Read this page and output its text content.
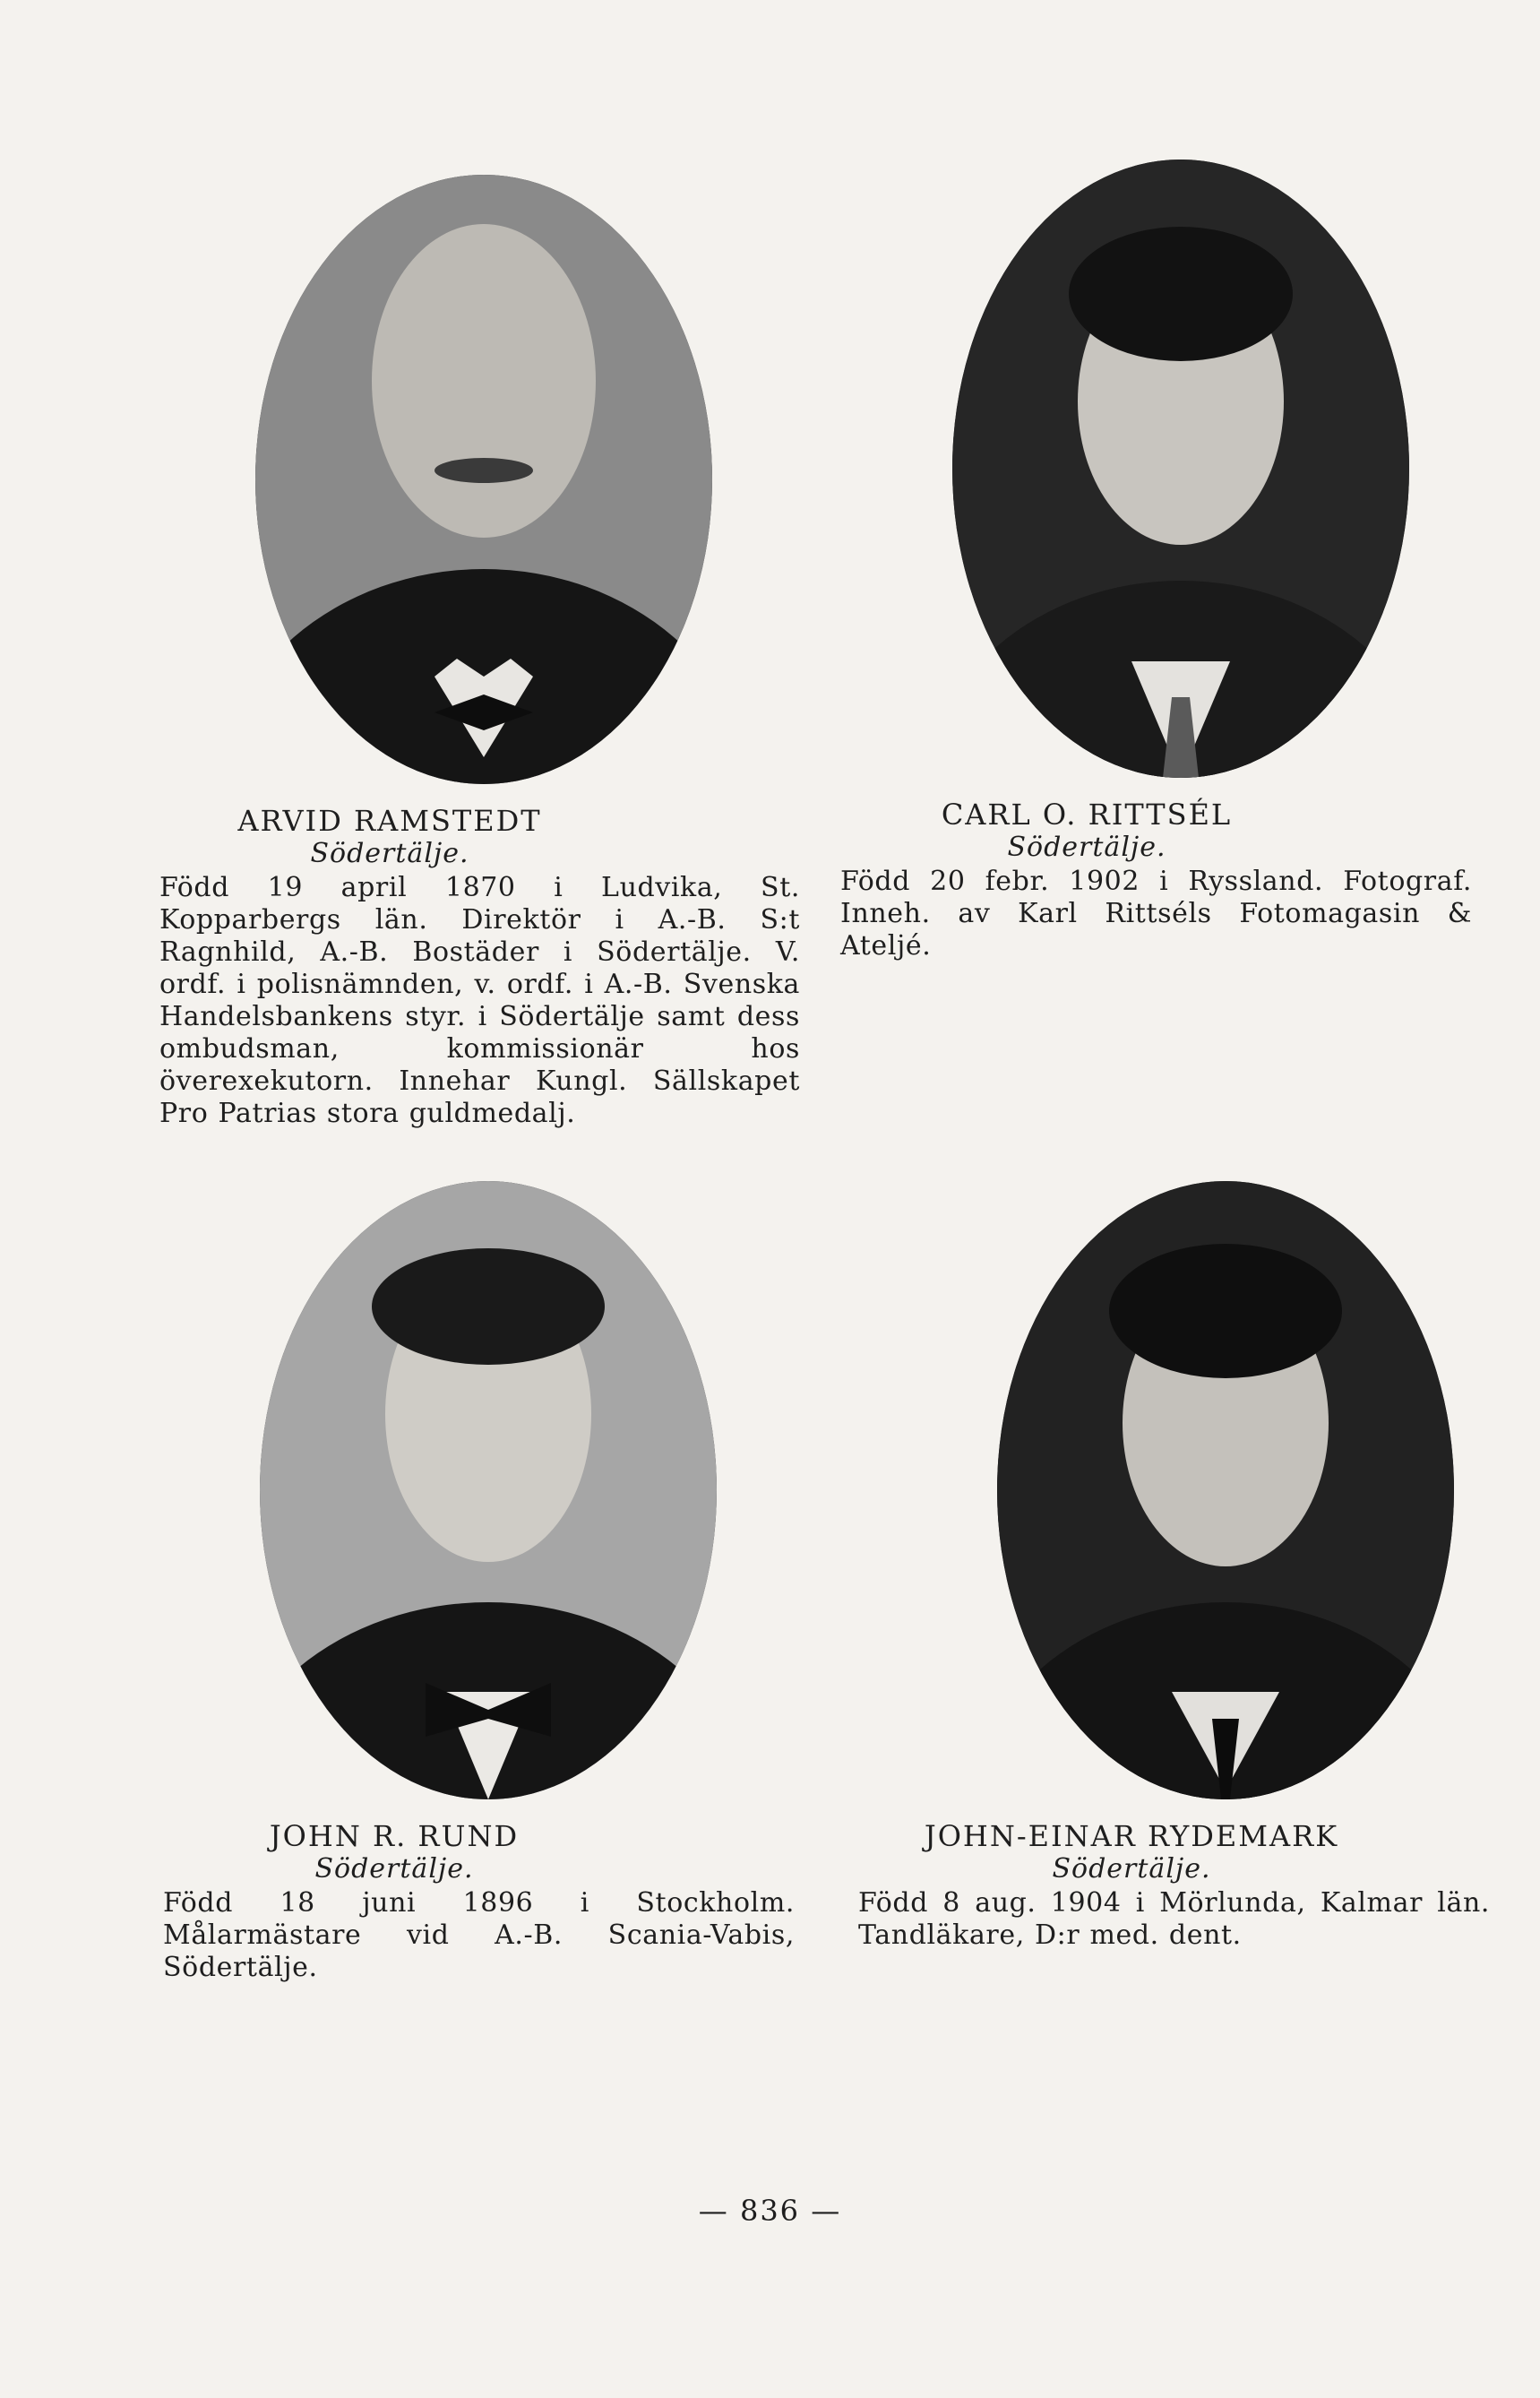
ARVID RAMSTEDT
Södertälje.
Född 19 april 1870 i Ludvika, St. Kopparbergs län. Direktör i A.-B. S:t Ragnhild, A.-B. Bostäder i Södertälje. V. ordf. i polisnämnden, v. ordf. i A.-B. Svenska Handelsbankens styr. i Södertälje samt dess ombudsman, kommissionär hos överexekutorn. Innehar Kungl. Sällskapet Pro Patrias stora guldmedalj.
CARL O. RITTSÉL
Södertälje.
Född 20 febr. 1902 i Ryssland. Fotograf. Inneh. av Karl Rittséls Fotomagasin & Ateljé.
JOHN R. RUND
Södertälje.
Född 18 juni 1896 i Stockholm. Målarmästare vid A.-B. Scania-Vabis, Södertälje.
JOHN-EINAR RYDEMARK
Södertälje.
Född 8 aug. 1904 i Mörlunda, Kalmar län. Tandläkare, D:r med. dent.
— 836 —
